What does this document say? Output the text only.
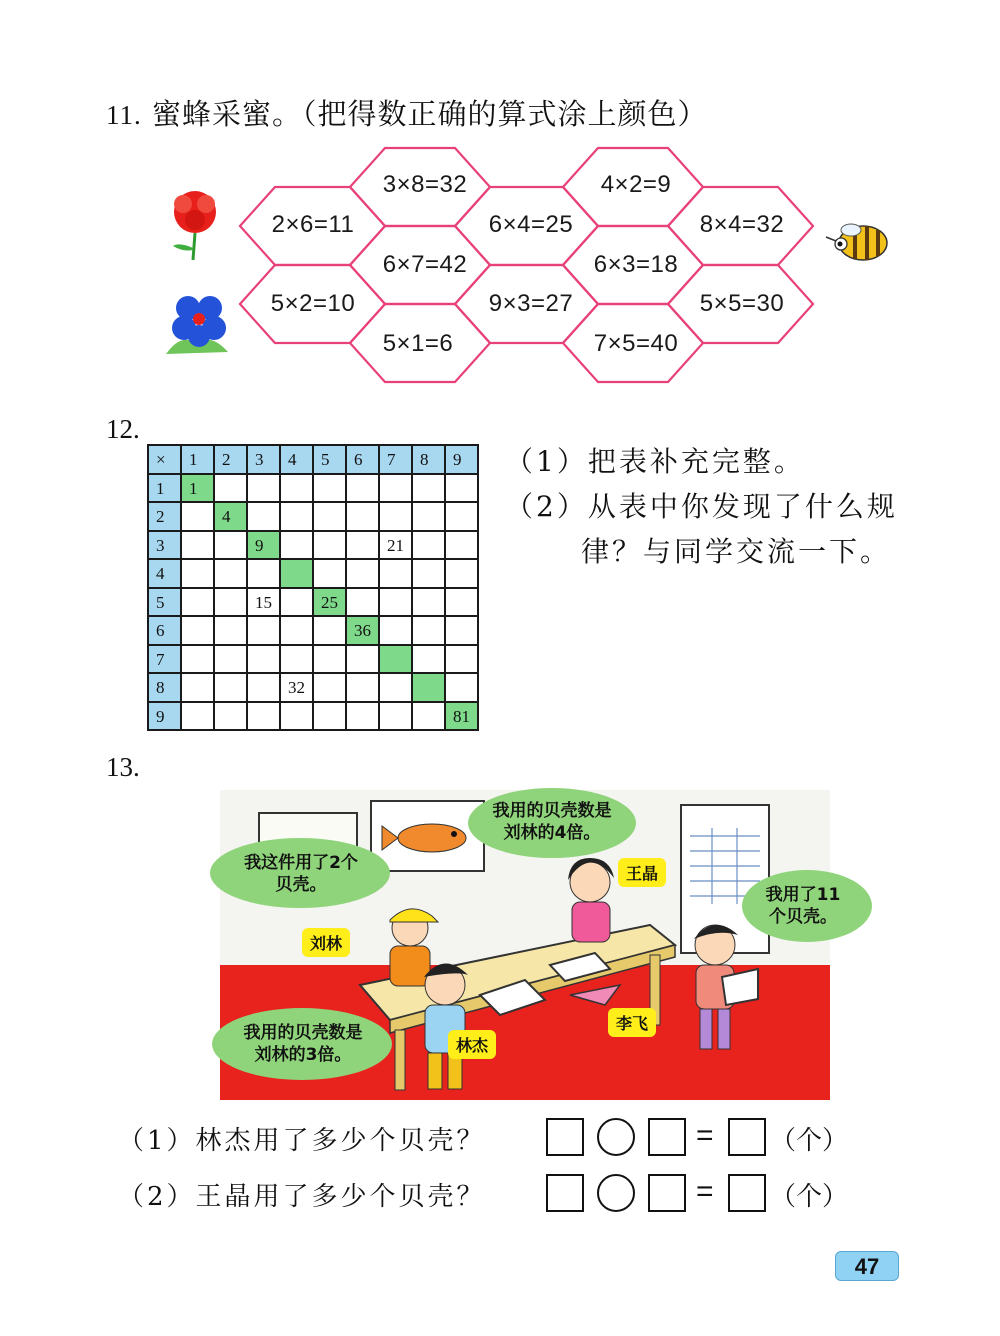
11. 蜜蜂采蜜。（把得数正确的算式涂上颜色）
3×8=32	4×2=9
2×6=11	6×4=25	8×4=32
6×7=42	6×3=18
5×2=10	9×3=27	5×5=30
5×1=6	7×5=40
12.
×	1	2	3	4	5	6	7	8	9
1	1								
2		4							
3			9				21		
4									
5			15		25				
6						36			
7									
8				32					
9									81
（1）把表补充完整。
（2）从表中你发现了什么规
律？与同学交流一下。
13.
我用的贝壳数是刘林的4倍。
我这件用了2个贝壳。	我用了11个贝壳。
我用的贝壳数是刘林的3倍。
王晶
刘林
李飞
林杰
（1）林杰用了多少个贝壳？	= （个）
（2）王晶用了多少个贝壳？	= （个）
47
